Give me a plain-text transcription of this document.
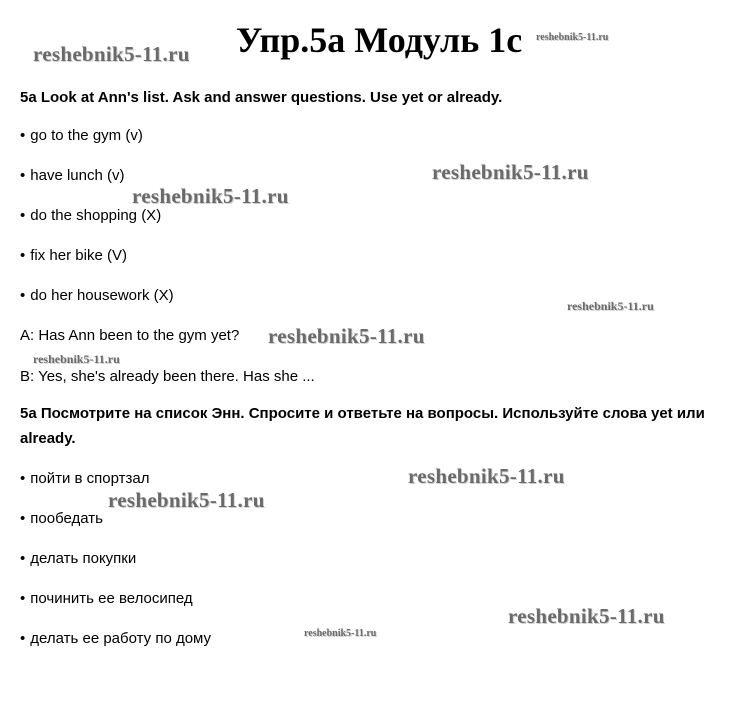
Упр.5a Модуль 1c
5a Look at Ann's list. Ask and answer questions. Use yet or already.
• go to the gym (v)
• have lunch (v)
• do the shopping (X)
• fix her bike (V)
• do her housework (X)
A: Has Ann been to the gym yet?
B: Yes, she's already been there. Has she ...
5a Посмотрите на список Энн. Спросите и ответьте на вопросы. Используйте слова yet или
already.
• пойти в спортзал
• пообедать
• делать покупки
• починить ее велосипед
• делать ее работу по дому
reshebnik5-11.ru
reshebnik5-11.ru
reshebnik5-11.ru
reshebnik5-11.ru
reshebnik5-11.ru
reshebnik5-11.ru
reshebnik5-11.ru
reshebnik5-11.ru
reshebnik5-11.ru
reshebnik5-11.ru
reshebnik5-11.ru
